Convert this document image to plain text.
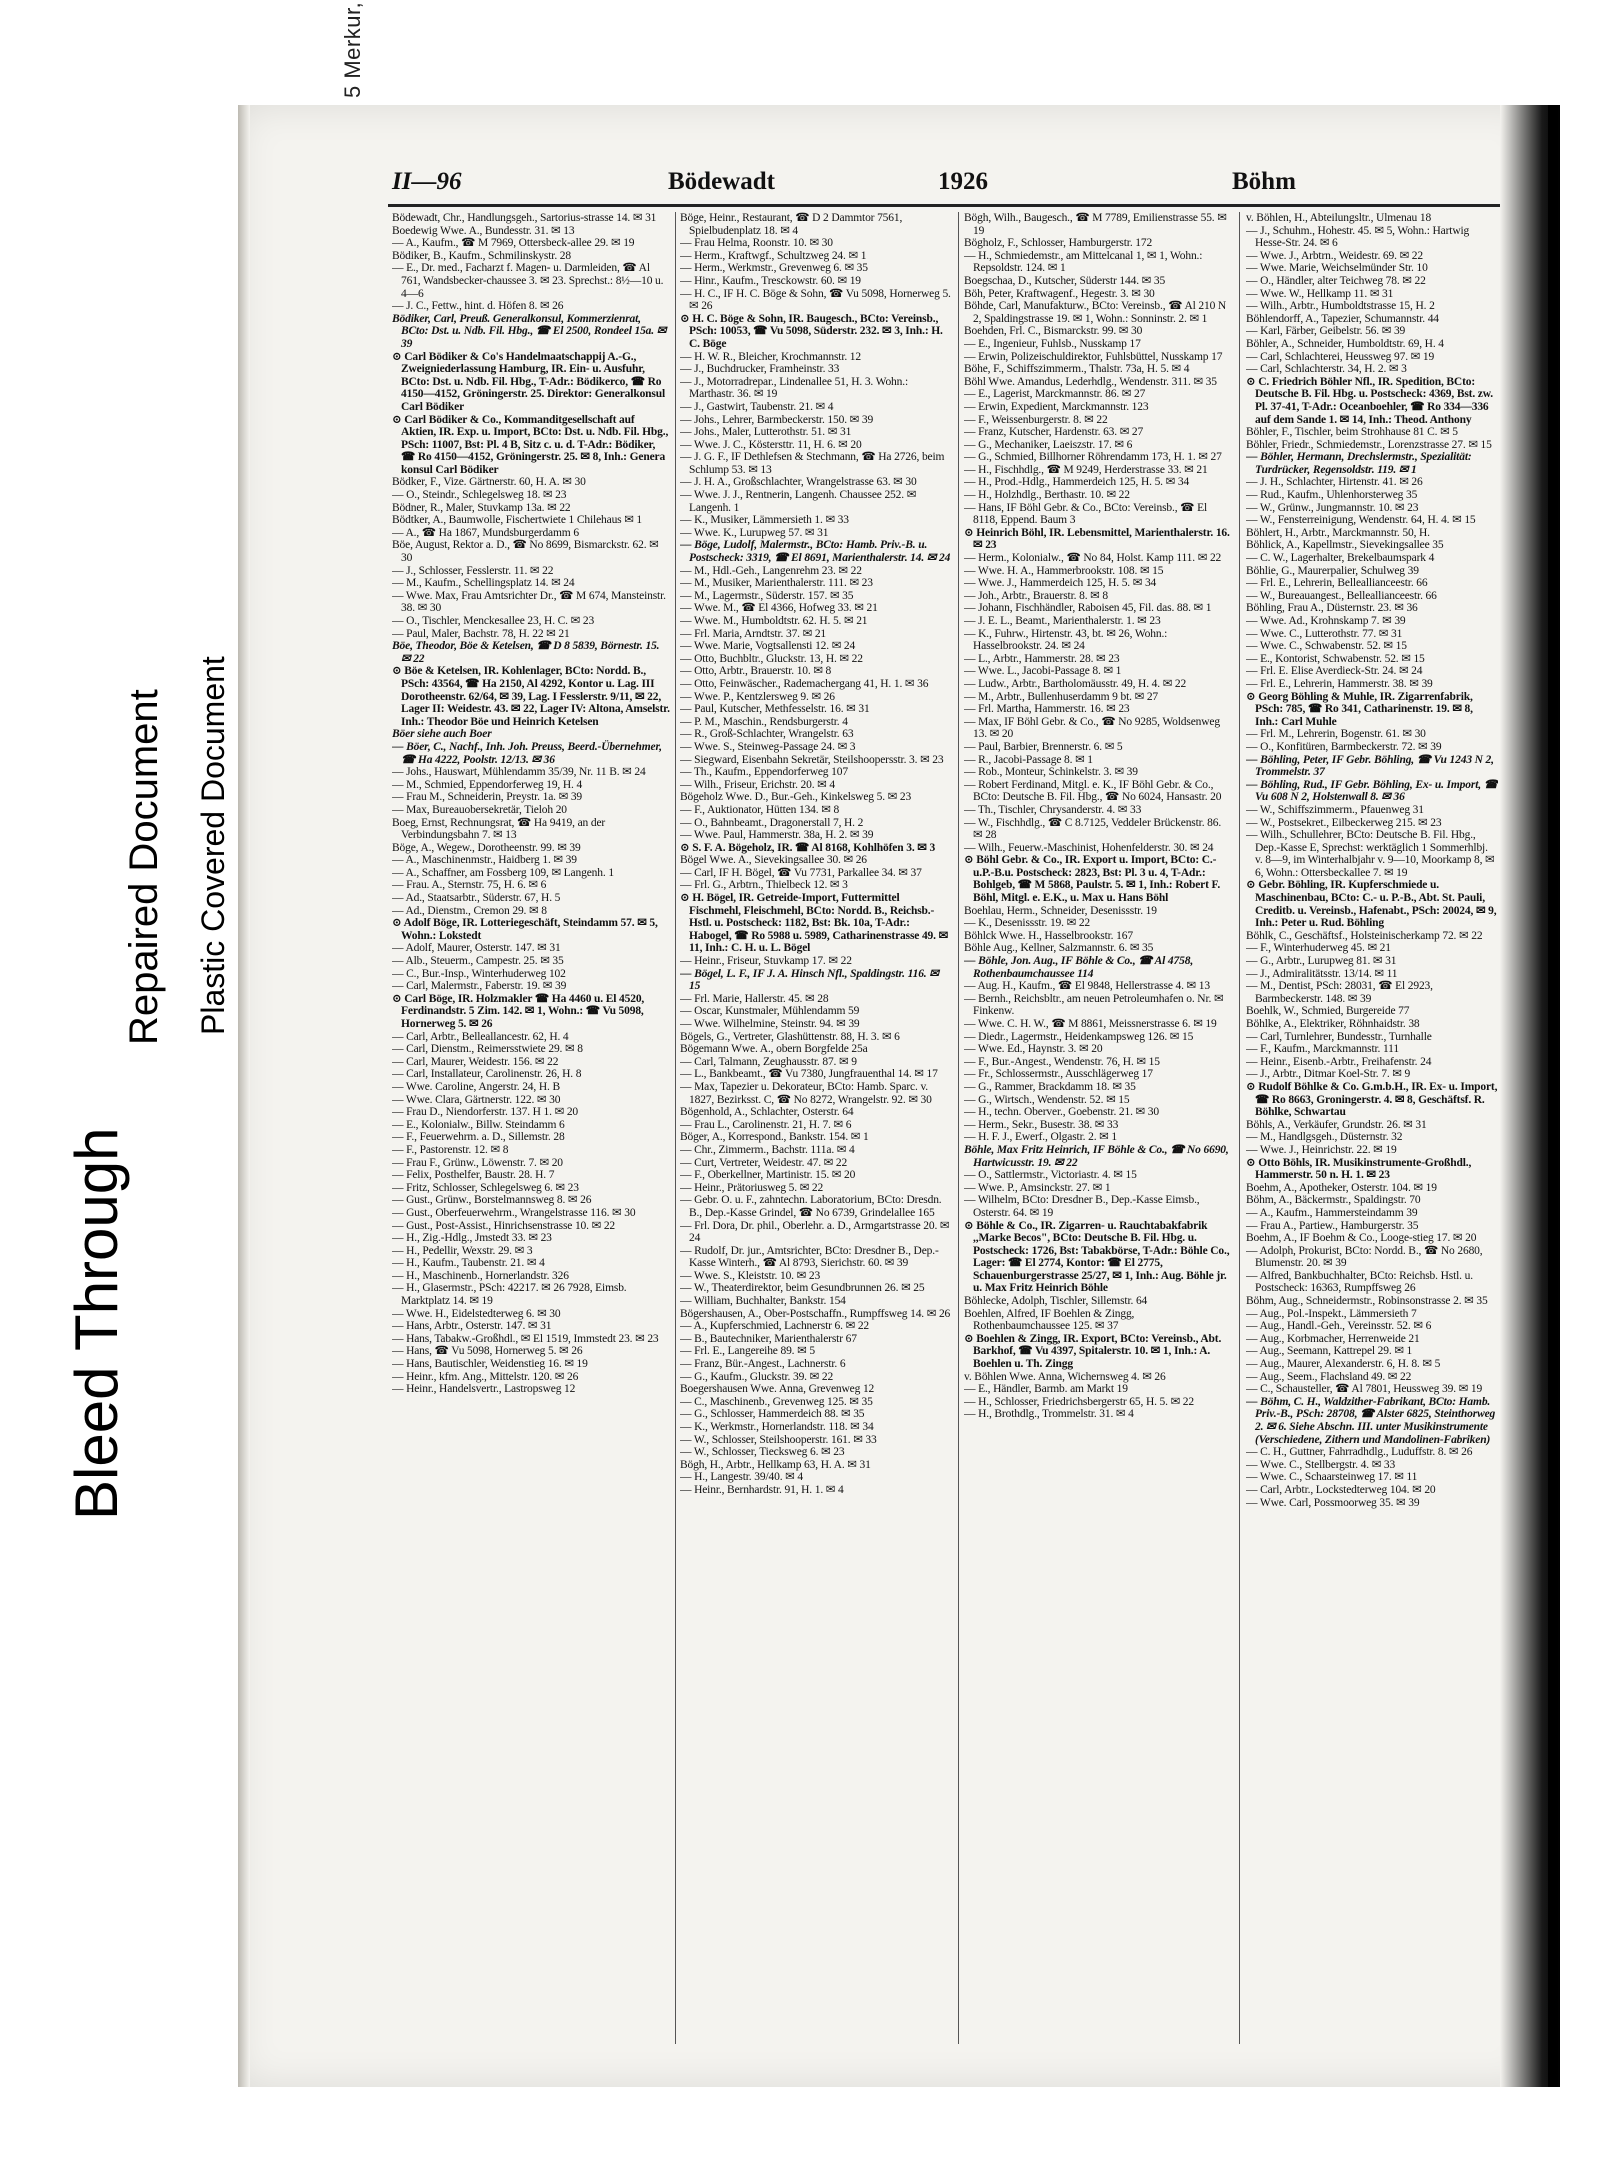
Bleed Through
Repaired Document Plastic Covered Document
II—96	Bödewadt	1926	Böhm

Bödewadt, Chr., Handlungsgeh., Sartorius-strasse 14. ✉ 31

Boedewig Wwe. A., Bundesstr. 31. ✉ 13

— A., Kaufm., ☎ M 7969, Ottersbeck-allee 29. ✉ 19

Bödiker, B., Kaufm., Schmilinskystr. 28

— E., Dr. med., Facharzt f. Magen- u. Darmleiden, ☎ Al 761, Wandsbecker-chaussee 3. ✉ 23. Sprechst.: 8½—10 u. 4—6

— J. C., Fettw., hint. d. Höfen 8. ✉ 26

Bödiker, Carl, Preuß. Generalkonsul, Kommerzienrat, BCto: Dst. u. Ndb. Fil. Hbg., ☎ El 2500, Rondeel 15a. ✉ 39

⊙ Carl Bödiker & Co's Handelmaatschappij A.-G., Zweigniederlassung Hamburg, IR. Ein- u. Ausfuhr, BCto: Dst. u. Ndb. Fil. Hbg., T-Adr.: Bödikerco, ☎ Ro 4150—4152, Gröningerstr. 25. Direktor: Generalkonsul Carl Bödiker

⊙ Carl Bödiker & Co., Kommanditgesellschaft auf Aktien, IR. Exp. u. Import, BCto: Dst. u. Ndb. Fil. Hbg., PSch: 11007, Bst: Pl. 4 B, Sitz c. u. d. T-Adr.: Bödiker, ☎ Ro 4150—4152, Gröningerstr. 25. ✉ 8, Inh.: Genera konsul Carl Bödiker

Bödker, F., Vize. Gärtnerstr. 60, H. A. ✉ 30

— O., Steindr., Schlegelsweg 18. ✉ 23

Bödner, R., Maler, Stuvkamp 13a. ✉ 22

Bödtker, A., Baumwolle, Fischertwiete 1 Chilehaus ✉ 1

— A., ☎ Ha 1867, Mundsburgerdamm 6

Böe, August, Rektor a. D., ☎ No 8699, Bismarckstr. 62. ✉ 30

— J., Schlosser, Fesslerstr. 11. ✉ 22

— M., Kaufm., Schellingsplatz 14. ✉ 24

— Wwe. Max, Frau Amtsrichter Dr., ☎ M 674, Mansteinstr. 38. ✉ 30

— O., Tischler, Menckesallee 23, H. C. ✉ 23

— Paul, Maler, Bachstr. 78, H. 22 ✉ 21

Böe, Theodor, Böe & Ketelsen, ☎ D 8 5839, Börnestr. 15. ✉ 22

⊙ Böe & Ketelsen, IR. Kohlenlager, BCto: Nordd. B., PSch: 43564, ☎ Ha 2150, Al 4292, Kontor u. Lag. III Dorotheenstr. 62/64, ✉ 39, Lag. I Fesslerstr. 9/11, ✉ 22, Lager II: Weidestr. 43. ✉ 22, Lager IV: Altona, Amselstr. Inh.: Theodor Böe und Heinrich Ketelsen

Böer siehe auch Boer

— Böer, C., Nachf., Inh. Joh. Preuss, Beerd.-Übernehmer, ☎ Ha 4222, Poolstr. 12/13. ✉ 36

— Johs., Hauswart, Mühlendamm 35/39, Nr. 11 B. ✉ 24

— M., Schmied, Eppendorferweg 19, H. 4

— Frau M., Schneiderin, Preystr. 1a. ✉ 39

— Max, Bureauobersekretär, Tieloh 20

Boeg, Ernst, Rechnungsrat, ☎ Ha 9419, an der Verbindungsbahn 7. ✉ 13

Böge, A., Wegew., Dorotheenstr. 99. ✉ 39

— A., Maschinenmstr., Haidberg 1. ✉ 39

— A., Schaffner, am Fossberg 109, ✉ Langenh. 1

— Frau. A., Sternstr. 75, H. 6. ✉ 6

— Ad., Staatsarbtr., Süderstr. 67, H. 5

— Ad., Dienstm., Cremon 29. ✉ 8

⊙ Adolf Böge, IR. Lotteriegeschäft, Steindamm 57. ✉ 5, Wohn.: Lokstedt

— Adolf, Maurer, Osterstr. 147. ✉ 31

— Alb., Steuerm., Campestr. 25. ✉ 35

— C., Bur.-Insp., Winterhuderweg 102

— Carl, Malermstr., Faberstr. 19. ✉ 39

⊙ Carl Böge, IR. Holzmakler ☎ Ha 4460 u. El 4520, Ferdinandstr. 5 Zim. 142. ✉ 1, Wohn.: ☎ Vu 5098, Hornerweg 5. ✉ 26

— Carl, Arbtr., Belleallancestr. 62, H. 4

— Carl, Dienstm., Reimersstwiete 29. ✉ 8

— Carl, Maurer, Weidestr. 156. ✉ 22

— Carl, Installateur, Carolinenstr. 26, H. 8

— Wwe. Caroline, Angerstr. 24, H. B

— Wwe. Clara, Gärtnerstr. 122. ✉ 30

— Frau D., Niendorferstr. 137. H 1. ✉ 20

— E., Kolonialw., Billw. Steindamm 6

— F., Feuerwehrm. a. D., Sillemstr. 28

— F., Pastorenstr. 12. ✉ 8

— Frau F., Grünw., Löwenstr. 7. ✉ 20

— Felix, Posthelfer, Baustr. 28. H. 7

— Fritz, Schlosser, Schlegelsweg 6. ✉ 23

— Gust., Grünw., Borstelmannsweg 8. ✉ 26

— Gust., Oberfeuerwehrm., Wrangelstrasse 116. ✉ 30

— Gust., Post-Assist., Hinrichsenstrasse 10. ✉ 22

— H., Zig.-Hdlg., Jmstedt 33. ✉ 23

— H., Pedellir, Wexstr. 29. ✉ 3

— H., Kaufm., Taubenstr. 21. ✉ 4

— H., Maschinenb., Hornerlandstr. 326

— H., Glasermstr., PSch: 42217. ✉ 26 7928, Eimsb. Marktplatz 14. ✉ 19

— Wwe. H., Eidelstedterweg 6. ✉ 30

— Hans, Arbtr., Osterstr. 147. ✉ 31

— Hans, Tabakw.-Großhdl., ✉ El 1519, Immstedt 23. ✉ 23

— Hans, ☎ Vu 5098, Hornerweg 5. ✉ 26

— Hans, Bautischler, Weidenstieg 16. ✉ 19

— Heinr., kfm. Ang., Mittelstr. 120. ✉ 26

— Heinr., Handelsvertr., Lastropsweg 12

Böge, Heinr., Restaurant, ☎ D 2 Dammtor 7561, Spielbudenplatz 18. ✉ 4

— Frau Helma, Roonstr. 10. ✉ 30

— Herm., Kraftwgf., Schultzweg 24. ✉ 1

— Herm., Werkmstr., Grevenweg 6. ✉ 35

— Hinr., Kaufm., Tresckowstr. 60. ✉ 19

— H. C., IF H. C. Böge & Sohn, ☎ Vu 5098, Hornerweg 5. ✉ 26

⊙ H. C. Böge & Sohn, IR. Baugesch., BCto: Vereinsb., PSch: 10053, ☎ Vu 5098, Süderstr. 232. ✉ 3, Inh.: H. C. Böge

— H. W. R., Bleicher, Krochmannstr. 12

— J., Buchdrucker, Framheinstr. 33

— J., Motorradrepar., Lindenallee 51, H. 3. Wohn.: Marthastr. 36. ✉ 19

— J., Gastwirt, Taubenstr. 21. ✉ 4

— Johs., Lehrer, Barmbeckerstr. 150. ✉ 39

— Johs., Maler, Lutterothstr. 51. ✉ 31

— Wwe. J. C., Köstersttr. 11, H. 6. ✉ 20

— J. G. F., IF Dethlefsen & Stechmann, ☎ Ha 2726, beim Schlump 53. ✉ 13

— J. H. A., Großschlachter, Wrangelstrasse 63. ✉ 30

— Wwe. J. J., Rentnerin, Langenh. Chaussee 252. ✉ Langenh. 1

— K., Musiker, Lämmersieth 1. ✉ 33

— Wwe. K., Lurupweg 57. ✉ 31

— Böge, Ludolf, Malermstr., BCto: Hamb. Priv.-B. u. Postscheck: 3319, ☎ El 8691, Marienthalerstr. 14. ✉ 24

— M., Hdl.-Geh., Langenrehm 23. ✉ 22

— M., Musiker, Marienthalerstr. 111. ✉ 23

— M., Lagermstr., Süderstr. 157. ✉ 35

— Wwe. M., ☎ El 4366, Hofweg 33. ✉ 21

— Wwe. M., Humboldtstr. 62. H. 5. ✉ 21

— Frl. Maria, Arndtstr. 37. ✉ 21

— Wwe. Marie, Vogtsallensti 12. ✉ 24

— Otto, Buchbltr., Gluckstr. 13, H. ✉ 22

— Otto, Arbtr., Brauerstr. 10. ✉ 8

— Otto, Feinwäscher., Rademachergang 41, H. 1. ✉ 36

— Wwe. P., Kentzlersweg 9. ✉ 26

— Paul, Kutscher, Methfesselstr. 16. ✉ 31

— P. M., Maschin., Rendsburgerstr. 4

— R., Groß-Schlachter, Wrangelstr. 63

— Wwe. S., Steinweg-Passage 24. ✉ 3

— Siegward, Eisenbahn Sekretär, Steilshoopersstr. 3. ✉ 23

— Th., Kaufm., Eppendorferweg 107

— Wilh., Friseur, Erichstr. 20. ✉ 4

Bögeholz Wwe. D., Bur.-Geh., Kinkelsweg 5. ✉ 23

— F., Auktionator, Hütten 134. ✉ 8

— O., Bahnbeamt., Dragonerstall 7, H. 2

— Wwe. Paul, Hammerstr. 38a, H. 2. ✉ 39

⊙ S. F. A. Bögeholz, IR. ☎ Al 8168, Kohlhöfen 3. ✉ 3

Bögel Wwe. A., Sievekingsallee 30. ✉ 26

— Carl, IF H. Bögel, ☎ Vu 7731, Parkallee 34. ✉ 37

— Frl. G., Arbtrn., Thielbeck 12. ✉ 3

⊙ H. Bögel, IR. Getreide-Import, Futtermittel Fischmehl, Fleischmehl, BCto: Nordd. B., Reichsb.-Hstl. u. Postscheck: 1182, Bst: Bk. 10a, T-Adr.: Habogel, ☎ Ro 5988 u. 5989, Catharinenstrasse 49. ✉ 11, Inh.: C. H. u. L. Bögel

— Heinr., Friseur, Stuvkamp 17. ✉ 22

— Bögel, L. F., IF J. A. Hinsch Nfl., Spaldingstr. 116. ✉ 15

— Frl. Marie, Hallerstr. 45. ✉ 28

— Oscar, Kunstmaler, Mühlendamm 59

— Wwe. Wilhelmine, Steinstr. 94. ✉ 39

Bögels, G., Vertreter, Glashüttenstr. 88, H. 3. ✉ 6

Bögemann Wwe. A., obern Borgfelde 25a

— Carl, Talmann, Zeughausstr. 87. ✉ 9

— L., Bankbeamt., ☎ Vu 7380, Jungfrauenthal 14. ✉ 17

— Max, Tapezier u. Dekorateur, BCto: Hamb. Sparc. v. 1827, Bezirksst. C, ☎ No 8272, Wrangelstr. 92. ✉ 30

Bögenhold, A., Schlachter, Osterstr. 64

— Frau L., Carolinenstr. 21, H. 7. ✉ 6

Böger, A., Korrespond., Bankstr. 154. ✉ 1

— Chr., Zimmerm., Bachstr. 111a. ✉ 4

— Curt, Vertreter, Weidestr. 47. ✉ 22

— F., Oberkellner, Martinistr. 15. ✉ 20

— Heinr., Prätoriusweg 5. ✉ 22

— Gebr. O. u. F., zahntechn. Laboratorium, BCto: Dresdn. B., Dep.-Kasse Grindel, ☎ No 6739, Grindelallee 165

— Frl. Dora, Dr. phil., Oberlehr. a. D., Armgartstrasse 20. ✉ 24

— Rudolf, Dr. jur., Amtsrichter, BCto: Dresdner B., Dep.-Kasse Winterh., ☎ Al 8793, Sierichstr. 60. ✉ 39

— Wwe. S., Kleiststr. 10. ✉ 23

— W., Theaterdirektor, beim Gesundbrunnen 26. ✉ 25

— William, Buchhalter, Bankstr. 154

Bögershausen, A., Ober-Postschaffn., Rumpffsweg 14. ✉ 26

— A., Kupferschmied, Lachnerstr 6. ✉ 22

— B., Bautechniker, Marienthalerstr 67

— Frl. E., Langereihe 89. ✉ 5

— Franz, Bür.-Angest., Lachnerstr. 6

— G., Kaufm., Gluckstr. 39. ✉ 22

Boegershausen Wwe. Anna, Grevenweg 12

— C., Maschinenb., Grevenweg 125. ✉ 35

— G., Schlosser, Hammerdeich 88. ✉ 35

— K., Werkmstr., Hornerlandstr. 118. ✉ 34

— W., Schlosser, Steilshooperstr. 161. ✉ 33

— W., Schlosser, Tiecksweg 6. ✉ 23

Bögh, H., Arbtr., Hellkamp 63, H. A. ✉ 31

— H., Langestr. 39/40. ✉ 4

— Heinr., Bernhardstr. 91, H. 1. ✉ 4

Bögh, Wilh., Baugesch., ☎ M 7789, Emilienstrasse 55. ✉ 19

Bögholz, F., Schlosser, Hamburgerstr. 172

— H., Schmiedemstr., am Mittelcanal 1, ✉ 1, Wohn.: Repsoldstr. 124. ✉ 1

Boegschaa, D., Kutscher, Süderstr 144. ✉ 35

Böh, Peter, Kraftwagenf., Hegestr. 3. ✉ 30

Böhde, Carl, Manufakturw., BCto: Vereinsb., ☎ Al 210 N 2, Spaldingstrasse 19. ✉ 1, Wohn.: Sonninstr. 2. ✉ 1

Boehden, Frl. C., Bismarckstr. 99. ✉ 30

— E., Ingenieur, Fuhlsb., Nusskamp 17

— Erwin, Polizeischuldirektor, Fuhlsbüttel, Nusskamp 17

Böhe, F., Schiffszimmerm., Thalstr. 73a, H. 5. ✉ 4

Böhl Wwe. Amandus, Lederhdlg., Wendenstr. 311. ✉ 35

— E., Lagerist, Marckmannstr. 86. ✉ 27

— Erwin, Expedient, Marckmannstr. 123

— F., Weissenburgerstr. 8. ✉ 22

— Franz, Kutscher, Hardenstr. 63. ✉ 27

— G., Mechaniker, Laeiszstr. 17. ✉ 6

— G., Schmied, Billhorner Röhrendamm 173, H. 1. ✉ 27

— H., Fischhdlg., ☎ M 9249, Herderstrasse 33. ✉ 21

— H., Prod.-Hdlg., Hammerdeich 125, H. 5. ✉ 34

— H., Holzhdlg., Berthastr. 10. ✉ 22

— Hans, IF Böhl Gebr. & Co., BCto: Vereinsb., ☎ El 8118, Eppend. Baum 3

⊙ Heinrich Böhl, IR. Lebensmittel, Marienthalerstr. 16. ✉ 23

— Herm., Kolonialw., ☎ No 84, Holst. Kamp 111. ✉ 22

— Wwe. H. A., Hammerbrookstr. 108. ✉ 15

— Wwe. J., Hammerdeich 125, H. 5. ✉ 34

— Joh., Arbtr., Brauerstr. 8. ✉ 8

— Johann, Fischhändler, Raboisen 45, Fil. das. 88. ✉ 1

— J. E. L., Beamt., Marienthalerstr. 1. ✉ 23

— K., Fuhrw., Hirtenstr. 43, bt. ✉ 26, Wohn.: Hasselbrookstr. 24. ✉ 24

— L., Arbtr., Hammerstr. 28. ✉ 23

— Wwe. L., Jacobi-Passage 8. ✉ 1

— Ludw., Arbtr., Bartholomäusstr. 49, H. 4. ✉ 22

— M., Arbtr., Bullenhuserdamm 9 bt. ✉ 27

— Frl. Martha, Hammerstr. 16. ✉ 23

— Max, IF Böhl Gebr. & Co., ☎ No 9285, Woldsenweg 13. ✉ 20

— Paul, Barbier, Brennerstr. 6. ✉ 5

— R., Jacobi-Passage 8. ✉ 1

— Rob., Monteur, Schinkelstr. 3. ✉ 39

— Robert Ferdinand, Mitgl. e. K., IF Böhl Gebr. & Co., BCto: Deutsche B. Fil. Hbg., ☎ No 6024, Hansastr. 20

— Th., Tischler, Chrysanderstr. 4. ✉ 33

— W., Fischhdlg., ☎ C 8.7125, Veddeler Brückenstr. 86. ✉ 28

— Wilh., Feuerw.-Maschinist, Hohenfelderstr. 30. ✉ 24

⊙ Böhl Gebr. & Co., IR. Export u. Import, BCto: C.-u.P.-B.u. Postscheck: 2823, Bst: Pl. 3 u. 4, T-Adr.: Bohlgeb, ☎ M 5868, Paulstr. 5. ✉ 1, Inh.: Robert F. Böhl, Mitgl. e. E.K., u. Max u. Hans Böhl

Boehlau, Herm., Schneider, Desenissstr. 19

— K., Desenissstr. 19. ✉ 22

Böhlck Wwe. H., Hasselbrookstr. 167

Böhle Aug., Kellner, Salzmannstr. 6. ✉ 35

— Böhle, Jon. Aug., IF Böhle & Co., ☎ Al 4758, Rothenbaumchaussee 114

— Aug. H., Kaufm., ☎ El 9848, Hellerstrasse 4. ✉ 13

— Bernh., Reichsbltr., am neuen Petroleumhafen o. Nr. ✉ Finkenw.

— Wwe. C. H. W., ☎ M 8861, Meissnerstrasse 6. ✉ 19

— Diedr., Lagermstr., Heidenkampsweg 126. ✉ 15

— Wwe. Ed., Haynstr. 3. ✉ 20

— F., Bur.-Angest., Wendenstr. 76, H. ✉ 15

— Fr., Schlossermstr., Ausschlägerweg 17

— G., Rammer, Brackdamm 18. ✉ 35

— G., Wirtsch., Wendenstr. 52. ✉ 15

— H., techn. Oberver., Goebenstr. 21. ✉ 30

— Herm., Sekr., Busestr. 38. ✉ 33

— H. F. J., Ewerf., Olgastr. 2. ✉ 1

Böhle, Max Fritz Heinrich, IF Böhle & Co., ☎ No 6690, Hartwicusstr. 19. ✉ 22

— O., Sattlermstr., Victoriastr. 4. ✉ 15

— Wwe. P., Amsinckstr. 27. ✉ 1

— Wilhelm, BCto: Dresdner B., Dep.-Kasse Eimsb., Osterstr. 64. ✉ 19

⊙ Böhle & Co., IR. Zigarren- u. Rauchtabakfabrik ,,Marke Becos", BCto: Deutsche B. Fil. Hbg. u. Postscheck: 1726, Bst: Tabakbörse, T-Adr.: Böhle Co., Lager: ☎ El 2774, Kontor: ☎ El 2775, Schauenburgerstrasse 25/27, ✉ 1, Inh.: Aug. Böhle jr. u. Max Fritz Heinrich Böhle

Böhlecke, Adolph, Tischler, Sillemstr. 64

Boehlen, Alfred, IF Boehlen & Zingg, Rothenbaumchaussee 125. ✉ 37

⊙ Boehlen & Zingg, IR. Export, BCto: Vereinsb., Abt. Barkhof, ☎ Vu 4397, Spitalerstr. 10. ✉ 1, Inh.: A. Boehlen u. Th. Zingg

v. Böhlen Wwe. Anna, Wichernsweg 4. ✉ 26

— E., Händler, Barmb. am Markt 19

— H., Schlosser, Friedrichsbergerstr 65, H. 5. ✉ 22

— H., Brothdlg., Trommelstr. 31. ✉ 4

v. Böhlen, H., Abteilungsltr., Ulmenau 18

— J., Schuhm., Hohestr. 45. ✉ 5, Wohn.: Hartwig Hesse-Str. 24. ✉ 6

— Wwe. J., Arbtrn., Weidestr. 69. ✉ 22

— Wwe. Marie, Weichselmünder Str. 10

— O., Händler, alter Teichweg 78. ✉ 22

— Wwe. W., Hellkamp 11. ✉ 31

— Wilh., Arbtr., Humboldtstrasse 15, H. 2

Böhlendorff, A., Tapezier, Schumannstr. 44

— Karl, Färber, Geibelstr. 56. ✉ 39

Böhler, A., Schneider, Humboldtstr. 69, H. 4

— Carl, Schlachterei, Heussweg 97. ✉ 19

— Carl, Schlachterstr. 34, H. 2. ✉ 3

⊙ C. Friedrich Böhler Nfl., IR. Spedition, BCto: Deutsche B. Fil. Hbg. u. Postscheck: 4369, Bst. zw. Pl. 37-41, T-Adr.: Oceanboehler, ☎ Ro 334—336 auf dem Sande 1. ✉ 14, Inh.: Theod. Anthony

Böhler, F., Tischler, beim Strohhause 81 C. ✉ 5

Böhler, Friedr., Schmiedemstr., Lorenzstrasse 27. ✉ 15

— Böhler, Hermann, Drechslermstr., Spezialität: Turdrücker, Regensoldstr. 119. ✉ 1

— J. H., Schlachter, Hirtenstr. 41. ✉ 26

— Rud., Kaufm., Uhlenhorsterweg 35

— W., Grünw., Jungmannstr. 10. ✉ 23

— W., Fensterreinigung, Wendenstr. 64, H. 4. ✉ 15

Böhlert, H., Arbtr., Marckmannstr. 50, H.

Böhlick, A., Kapellmstr., Sievekingsallee 35

— C. W., Lagerhalter, Brekelbaumspark 4

Böhlie, G., Maurerpalier, Schulweg 39

— Frl. E., Lehrerin, Belleallianceestr. 66

— W., Bureauangest., Belleallianceestr. 66

Böhling, Frau A., Düsternstr. 23. ✉ 36

— Wwe. Ad., Krohnskamp 7. ✉ 39

— Wwe. C., Lutterothstr. 77. ✉ 31

— Wwe. C., Schwabenstr. 52. ✉ 15

— E., Kontorist, Schwabenstr. 52. ✉ 15

— Frl. E. Elise Averdieck-Str. 24. ✉ 24

— Frl. E., Lehrerin, Hammerstr. 38. ✉ 39

⊙ Georg Böhling & Muhle, IR. Zigarrenfabrik, PSch: 785, ☎ Ro 341, Catharinenstr. 19. ✉ 8, Inh.: Carl Muhle

— Frl. M., Lehrerin, Bogenstr. 61. ✉ 30

— O., Konfitüren, Barmbeckerstr. 72. ✉ 39

— Böhling, Peter, IF Gebr. Böhling, ☎ Vu 1243 N 2, Trommelstr. 37

— Böhling, Rud., IF Gebr. Böhling, Ex- u. Import, ☎ Vu 608 N 2, Holstenwall 8. ✉ 36

— W., Schiffszimmerm., Pfauenweg 31

— W., Postsekret., Eilbeckerweg 215. ✉ 23

— Wilh., Schullehrer, BCto: Deutsche B. Fil. Hbg., Dep.-Kasse E, Sprechst: werktäglich 1 Sommerhlbj. v. 8—9, im Winterhalbjahr v. 9—10, Moorkamp 8, ✉ 6, Wohn.: Ottersbeckallee 7. ✉ 19

⊙ Gebr. Böhling, IR. Kupferschmiede u. Maschinenbau, BCto: C.- u. P.-B., Abt. St. Pauli, Creditb. u. Vereinsb., Hafenabt., PSch: 20024, ✉ 9, Inh.: Peter u. Rud. Böhling

Böhlk, C., Geschäftsf., Holsteinischerkamp 72. ✉ 22

— F., Winterhuderweg 45. ✉ 21

— G., Arbtr., Lurupweg 81. ✉ 31

— J., Admiralitätsstr. 13/14. ✉ 11

— M., Dentist, PSch: 28031, ☎ El 2923, Barmbeckerstr. 148. ✉ 39

Boehlk, W., Schmied, Burgereide 77

Böhlke, A., Elektriker, Röhnhaidstr. 38

— Carl, Turnlehrer, Bundesstr., Turnhalle

— F., Kaufm., Marckmannstr. 111

— Heinr., Eisenb.-Arbtr., Freihafenstr. 24

— J., Arbtr., Ditmar Koel-Str. 7. ✉ 9

⊙ Rudolf Böhlke & Co. G.m.b.H., IR. Ex- u. Import, ☎ Ro 8663, Groningerstr. 4. ✉ 8, Geschäftsf. R. Böhlke, Schwartau

Böhls, A., Verkäufer, Grundstr. 26. ✉ 31

— M., Handlgsgeh., Düsternstr. 32

— Wwe. J., Heinrichstr. 22. ✉ 19

⊙ Otto Böhls, IR. Musikinstrumente-Großhdl., Hammerstr. 50 n. H. 1. ✉ 23

Boehm, A., Apotheker, Osterstr. 104. ✉ 19

Böhm, A., Bäckermstr., Spaldingstr. 70

— A., Kaufm., Hammersteindamm 39

— Frau A., Partiew., Hamburgerstr. 35

Boehm, A., IF Boehm & Co., Looge-stieg 17. ✉ 20

— Adolph, Prokurist, BCto: Nordd. B., ☎ No 2680, Blumenstr. 20. ✉ 39

— Alfred, Bankbuchhalter, BCto: Reichsb. Hstl. u. Postscheck: 16363, Rumpffsweg 26

Böhm, Aug., Schneidermstr., Robinsonstrasse 2. ✉ 35

— Aug., Pol.-Inspekt., Lämmersieth 7

— Aug., Handl.-Geh., Vereinsstr. 52. ✉ 6

— Aug., Korbmacher, Herrenweide 21

— Aug., Seemann, Kattrepel 29. ✉ 1

— Aug., Maurer, Alexanderstr. 6, H. 8. ✉ 5

— Aug., Seem., Flachsland 49. ✉ 22

— C., Schausteller, ☎ Al 7801, Heussweg 39. ✉ 19

— Böhm, C. H., Waldzither-Fabrikant, BCto: Hamb. Priv.-B., PSch: 28708, ☎ Alster 6825, Steinthorweg 2. ✉ 6. Siehe Abschn. III. unter Musikinstrumente (Verschiedene, Zithern und Mandolinen-Fabriken)

— C. H., Guttner, Fahrradhdlg., Luduffstr. 8. ✉ 26

— Wwe. C., Stellbergstr. 4. ✉ 33

— Wwe. C., Schaarsteinweg 17. ✉ 11

— Carl, Arbtr., Lockstedterweg 104. ✉ 20

— Wwe. Carl, Possmoorweg 35. ✉ 39
